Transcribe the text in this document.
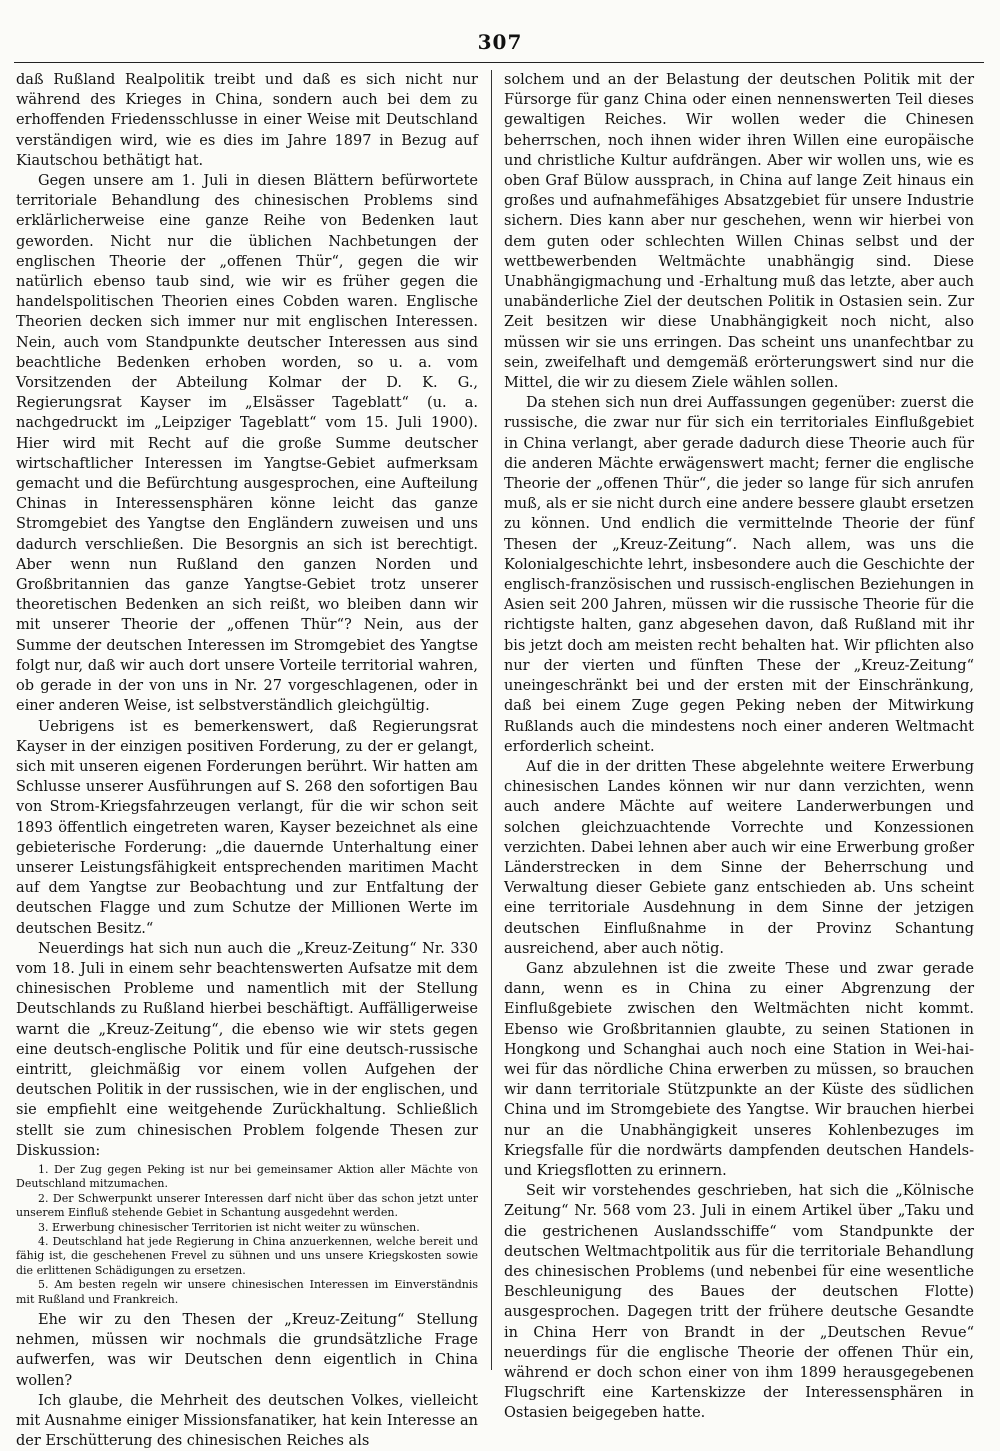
307

daß Rußland Realpolitik treibt und daß es sich nicht nur während des Krieges in China, sondern auch bei dem zu erhoffenden Friedensschlusse in einer Weise mit Deutschland verständigen wird, wie es dies im Jahre 1897 in Bezug auf Kiautschou bethätigt hat.

Gegen unsere am 1. Juli in diesen Blättern befürwortete territoriale Behandlung des chinesischen Problems sind erklärlicherweise eine ganze Reihe von Bedenken laut geworden. Nicht nur die üblichen Nachbetungen der englischen Theorie der „offenen Thür“, gegen die wir natürlich ebenso taub sind, wie wir es früher gegen die handelspolitischen Theorien eines Cobden waren. Englische Theorien decken sich immer nur mit englischen Interessen. Nein, auch vom Standpunkte deutscher Interessen aus sind beachtliche Bedenken erhoben worden, so u. a. vom Vorsitzenden der Abteilung Kolmar der D. K. G., Regierungsrat Kayser im „Elsässer Tageblatt“ (u. a. nachgedruckt im „Leipziger Tageblatt“ vom 15. Juli 1900). Hier wird mit Recht auf die große Summe deutscher wirtschaftlicher Interessen im Yangtse-Gebiet aufmerksam gemacht und die Befürchtung ausgesprochen, eine Aufteilung Chinas in Interessensphären könne leicht das ganze Stromgebiet des Yangtse den Engländern zuweisen und uns dadurch verschließen. Die Besorgnis an sich ist berechtigt. Aber wenn nun Rußland den ganzen Norden und Großbritannien das ganze Yangtse-Gebiet trotz unserer theoretischen Bedenken an sich reißt, wo bleiben dann wir mit unserer Theorie der „offenen Thür“? Nein, aus der Summe der deutschen Interessen im Stromgebiet des Yangtse folgt nur, daß wir auch dort unsere Vorteile territorial wahren, ob gerade in der von uns in Nr. 27 vorgeschlagenen, oder in einer anderen Weise, ist selbstverständlich gleichgültig.

Uebrigens ist es bemerkenswert, daß Regierungsrat Kayser in der einzigen positiven Forderung, zu der er gelangt, sich mit unseren eigenen Forderungen berührt. Wir hatten am Schlusse unserer Ausführungen auf S. 268 den sofortigen Bau von Strom-Kriegsfahrzeugen verlangt, für die wir schon seit 1893 öffentlich eingetreten waren, Kayser bezeichnet als eine gebieterische Forderung: „die dauernde Unterhaltung einer unserer Leistungsfähigkeit entsprechenden maritimen Macht auf dem Yangtse zur Beobachtung und zur Entfaltung der deutschen Flagge und zum Schutze der Millionen Werte im deutschen Besitz.“

Neuerdings hat sich nun auch die „Kreuz-Zeitung“ Nr. 330 vom 18. Juli in einem sehr beachtenswerten Aufsatze mit dem chinesischen Probleme und namentlich mit der Stellung Deutschlands zu Rußland hierbei beschäftigt. Auffälligerweise warnt die „Kreuz-Zeitung“, die ebenso wie wir stets gegen eine deutsch-englische Politik und für eine deutsch-russische eintritt, gleichmäßig vor einem vollen Aufgehen der deutschen Politik in der russischen, wie in der englischen, und sie empfiehlt eine weitgehende Zurückhaltung. Schließlich stellt sie zum chinesischen Problem folgende Thesen zur Diskussion:

1. Der Zug gegen Peking ist nur bei gemeinsamer Aktion aller Mächte von Deutschland mitzumachen.
2. Der Schwerpunkt unserer Interessen darf nicht über das schon jetzt unter unserem Einfluß stehende Gebiet in Schantung ausgedehnt werden.
3. Erwerbung chinesischer Territorien ist nicht weiter zu wünschen.
4. Deutschland hat jede Regierung in China anzuerkennen, welche bereit und fähig ist, die geschehenen Frevel zu sühnen und uns unsere Kriegskosten sowie die erlittenen Schädigungen zu ersetzen.
5. Am besten regeln wir unsere chinesischen Interessen im Einverständnis mit Rußland und Frankreich.

Ehe wir zu den Thesen der „Kreuz-Zeitung“ Stellung nehmen, müssen wir nochmals die grundsätzliche Frage aufwerfen, was wir Deutschen denn eigentlich in China wollen?

Ich glaube, die Mehrheit des deutschen Volkes, vielleicht mit Ausnahme einiger Missionsfanatiker, hat kein Interesse an der Erschütterung des chinesischen Reiches als

solchem und an der Belastung der deutschen Politik mit der Fürsorge für ganz China oder einen nennenswerten Teil dieses gewaltigen Reiches. Wir wollen weder die Chinesen beherrschen, noch ihnen wider ihren Willen eine europäische und christliche Kultur aufdrängen. Aber wir wollen uns, wie es oben Graf Bülow aussprach, in China auf lange Zeit hinaus ein großes und aufnahmefähiges Absatzgebiet für unsere Industrie sichern. Dies kann aber nur geschehen, wenn wir hierbei von dem guten oder schlechten Willen Chinas selbst und der wettbewerbenden Weltmächte unabhängig sind. Diese Unabhängigmachung und -Erhaltung muß das letzte, aber auch unabänderliche Ziel der deutschen Politik in Ostasien sein. Zur Zeit besitzen wir diese Unabhängigkeit noch nicht, also müssen wir sie uns erringen. Das scheint uns unanfechtbar zu sein, zweifelhaft und demgemäß erörterungswert sind nur die Mittel, die wir zu diesem Ziele wählen sollen.

Da stehen sich nun drei Auffassungen gegenüber: zuerst die russische, die zwar nur für sich ein territoriales Einflußgebiet in China verlangt, aber gerade dadurch diese Theorie auch für die anderen Mächte erwägenswert macht; ferner die englische Theorie der „offenen Thür“, die jeder so lange für sich anrufen muß, als er sie nicht durch eine andere bessere glaubt ersetzen zu können. Und endlich die vermittelnde Theorie der fünf Thesen der „Kreuz-Zeitung“. Nach allem, was uns die Kolonialgeschichte lehrt, insbesondere auch die Geschichte der englisch-französischen und russisch-englischen Beziehungen in Asien seit 200 Jahren, müssen wir die russische Theorie für die richtigste halten, ganz abgesehen davon, daß Rußland mit ihr bis jetzt doch am meisten recht behalten hat. Wir pflichten also nur der vierten und fünften These der „Kreuz-Zeitung“ uneingeschränkt bei und der ersten mit der Einschränkung, daß bei einem Zuge gegen Peking neben der Mitwirkung Rußlands auch die mindestens noch einer anderen Weltmacht erforderlich scheint.

Auf die in der dritten These abgelehnte weitere Erwerbung chinesischen Landes können wir nur dann verzichten, wenn auch andere Mächte auf weitere Landerwerbungen und solchen gleichzuachtende Vorrechte und Konzessionen verzichten. Dabei lehnen aber auch wir eine Erwerbung großer Länderstrecken in dem Sinne der Beherrschung und Verwaltung dieser Gebiete ganz entschieden ab. Uns scheint eine territoriale Ausdehnung in dem Sinne der jetzigen deutschen Einflußnahme in der Provinz Schantung ausreichend, aber auch nötig.

Ganz abzulehnen ist die zweite These und zwar gerade dann, wenn es in China zu einer Abgrenzung der Einflußgebiete zwischen den Weltmächten nicht kommt. Ebenso wie Großbritannien glaubte, zu seinen Stationen in Hongkong und Schanghai auch noch eine Station in Wei-hai-wei für das nördliche China erwerben zu müssen, so brauchen wir dann territoriale Stützpunkte an der Küste des südlichen China und im Stromgebiete des Yangtse. Wir brauchen hierbei nur an die Unabhängigkeit unseres Kohlenbezuges im Kriegsfalle für die nordwärts dampfenden deutschen Handels- und Kriegsflotten zu erinnern.

Seit wir vorstehendes geschrieben, hat sich die „Kölnische Zeitung“ Nr. 568 vom 23. Juli in einem Artikel über „Taku und die gestrichenen Auslandsschiffe“ vom Standpunkte der deutschen Weltmachtpolitik aus für die territoriale Behandlung des chinesischen Problems (und nebenbei für eine wesentliche Beschleunigung des Baues der deutschen Flotte) ausgesprochen. Dagegen tritt der frühere deutsche Gesandte in China Herr von Brandt in der „Deutschen Revue“ neuerdings für die englische Theorie der offenen Thür ein, während er doch schon einer von ihm 1899 herausgegebenen Flugschrift eine Kartenskizze der Interessensphären in Ostasien beigegeben hatte.
